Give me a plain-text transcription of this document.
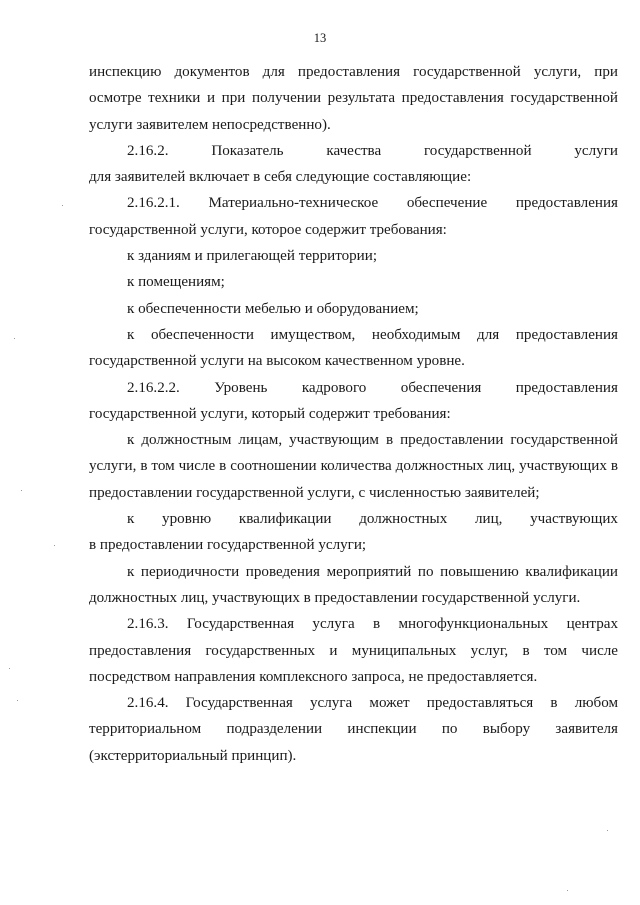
13

инспекцию документов для предоставления государственной услуги, при осмотре техники и при получении результата предоставления государственной услуги заявителем непосредственно).

2.16.2.	Показатель	качества	государственной	услуги

для заявителей включает в себя следующие составляющие:

2.16.2.1. Материально-техническое обеспечение предоставления

государственной услуги, которое содержит требования:

к зданиям и прилегающей территории;

к помещениям;

к обеспеченности мебелью и оборудованием;

к обеспеченности имуществом, необходимым для предоставления государственной услуги на высоком качественном уровне.

2.16.2.2. Уровень кадрового обеспечения предоставления

государственной услуги, который содержит требования:

к должностным лицам, участвующим в предоставлении государственной услуги, в том числе в соотношении количества должностных лиц, участвующих в предоставлении государственной услуги, с численностью заявителей;

к уровню квалификации должностных лиц, участвующих

в предоставлении государственной услуги;

к периодичности проведения мероприятий по повышению квалификации должностных лиц, участвующих в предоставлении государственной услуги.

2.16.3. Государственная услуга в многофункциональных центрах предоставления государственных и муниципальных услуг, в том числе посредством направления комплексного запроса, не предоставляется.

2.16.4. Государственная услуга может предоставляться в любом территориальном подразделении инспекции по выбору заявителя (экстерриториальный принцип).
